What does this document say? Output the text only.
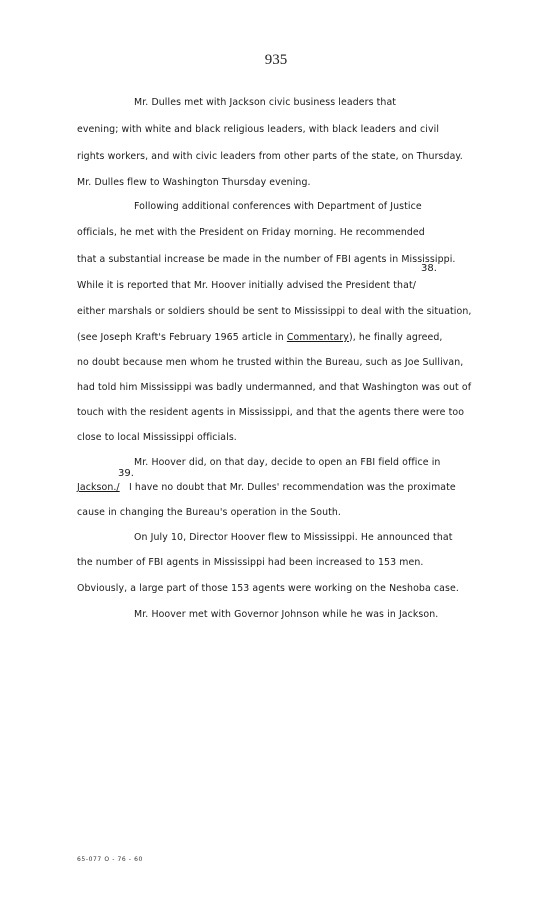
935
Mr. Dulles met with Jackson civic business leaders that
evening; with white and black religious leaders, with black leaders and civil
rights workers, and with civic leaders from other parts of the state, on Thursday.
Mr. Dulles flew to Washington Thursday evening.
Following additional conferences with Department of Justice
officials, he met with the President on Friday morning. He recommended
that a substantial increase be made in the number of FBI agents in Mississippi.
38.
While it is reported that Mr. Hoover initially advised the President that/
either marshals or soldiers should be sent to Mississippi to deal with the situation,
(see Joseph Kraft's February 1965 article in Commentary), he finally agreed,
no doubt because men whom he trusted within the Bureau, such as Joe Sullivan,
had told him Mississippi was badly undermanned, and that Washington was out of
touch with the resident agents in Mississippi, and that the agents there were too
close to local Mississippi officials.
Mr. Hoover did, on that day, decide to open an FBI field office in
39.
Jackson./ I have no doubt that Mr. Dulles' recommendation was the proximate
cause in changing the Bureau's operation in the South.
On July 10, Director Hoover flew to Mississippi. He announced that
the number of FBI agents in Mississippi had been increased to 153 men.
Obviously, a large part of those 153 agents were working on the Neshoba case.
Mr. Hoover met with Governor Johnson while he was in Jackson.
65-077 O - 76 - 60
